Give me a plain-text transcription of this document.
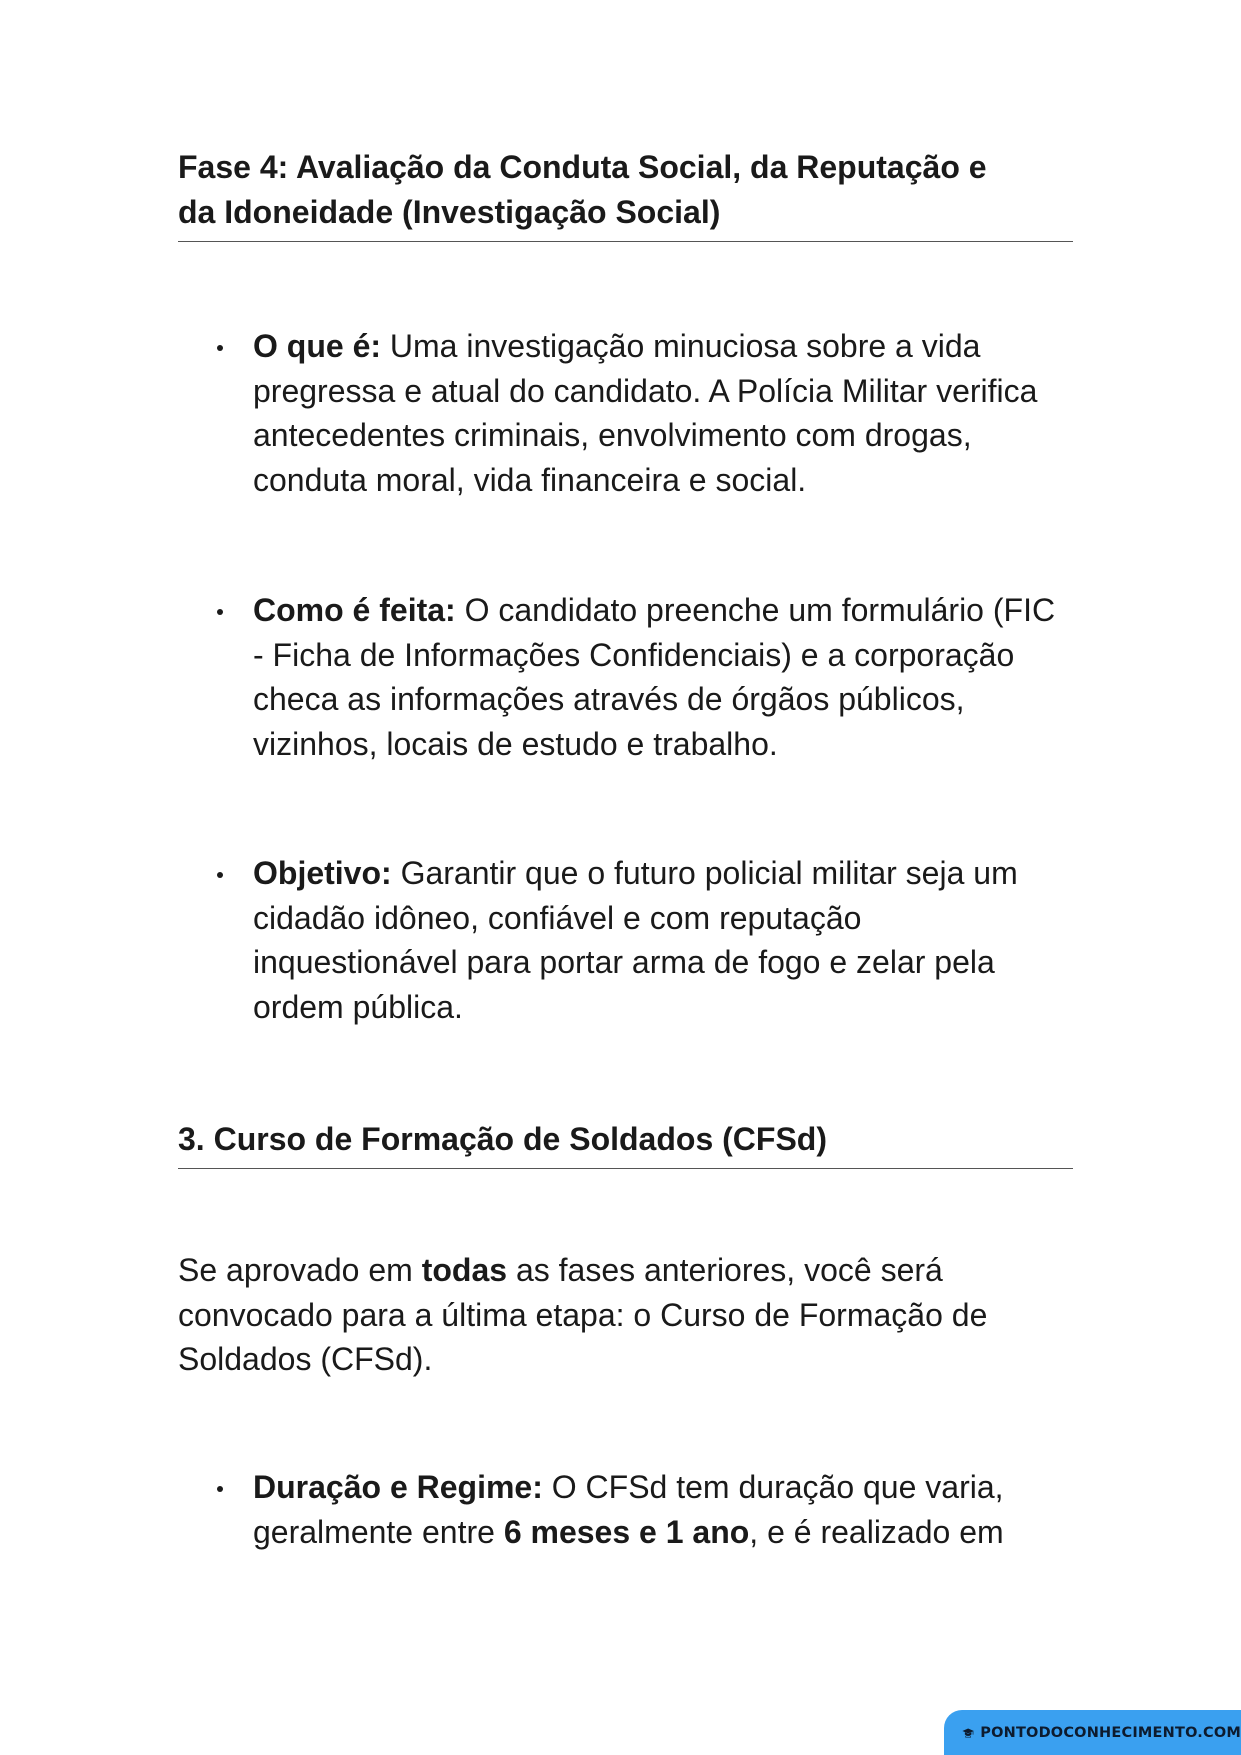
Fase 4: Avaliação da Conduta Social, da Reputação e
da Idoneidade (Investigação Social)

O que é: Uma investigação minuciosa sobre a vida pregressa e atual do candidato. A Polícia Militar verifica antecedentes criminais, envolvimento com drogas, conduta moral, vida financeira e social.

Como é feita: O candidato preenche um formulário (FIC - Ficha de Informações Confidenciais) e a corporação checa as informações através de órgãos públicos, vizinhos, locais de estudo e trabalho.

Objetivo: Garantir que o futuro policial militar seja um cidadão idôneo, confiável e com reputação inquestionável para portar arma de fogo e zelar pela ordem pública.

3. Curso de Formação de Soldados (CFSd)

Se aprovado em todas as fases anteriores, você será convocado para a última etapa: o Curso de Formação de Soldados (CFSd).

Duração e Regime: O CFSd tem duração que varia, geralmente entre 6 meses e 1 ano, e é realizado em

PONTODOCONHECIMENTO.COM
